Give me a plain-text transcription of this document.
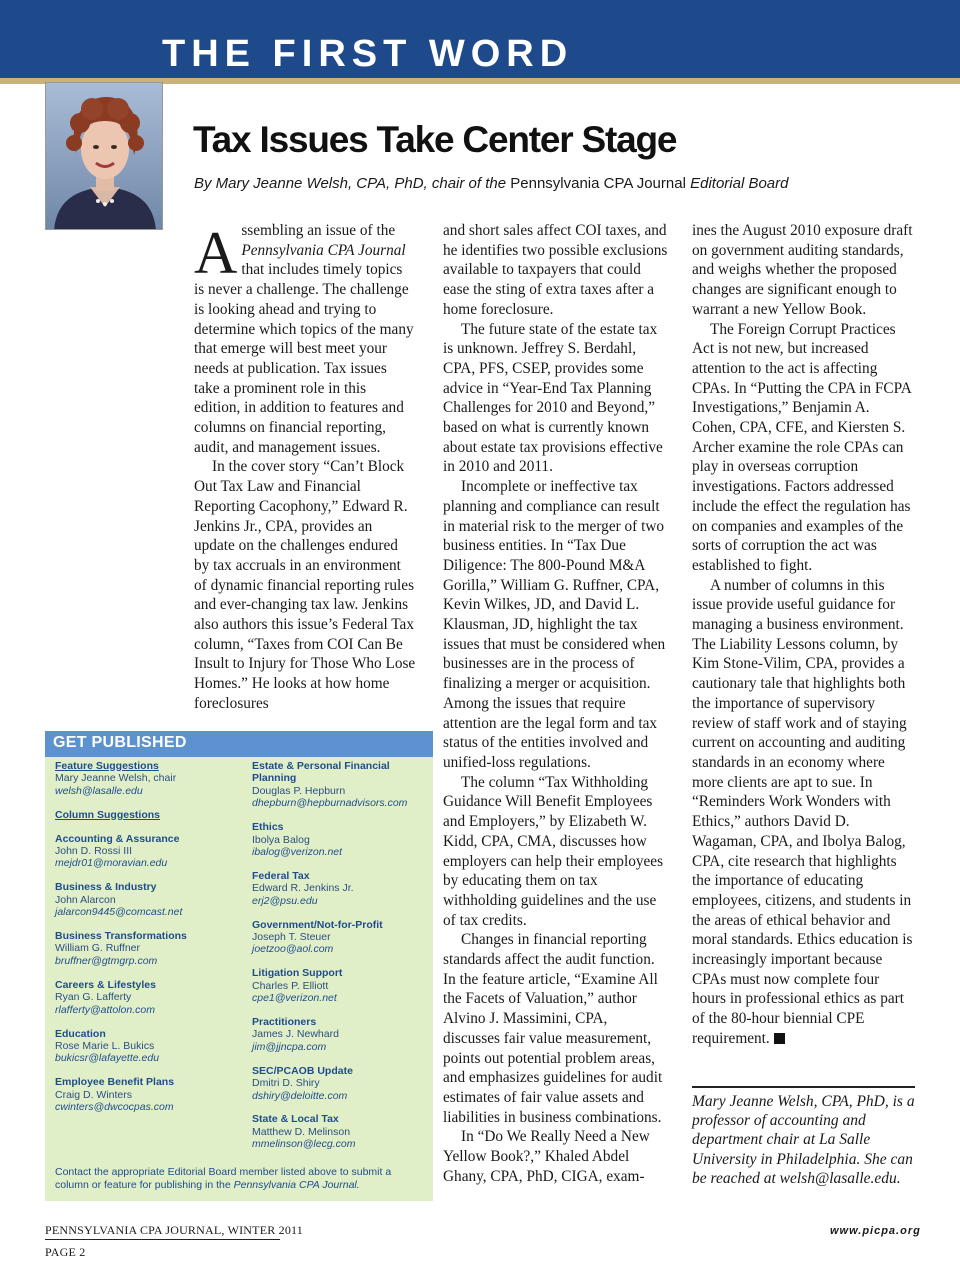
THE FIRST WORD
Tax Issues Take Center Stage
By Mary Jeanne Welsh, CPA, PhD, chair of the Pennsylvania CPA Journal Editorial Board

Assembling an issue of the Pennsylvania CPA Journal that includes timely topics is never a challenge. The challenge is looking ahead and trying to determine which topics of the many that emerge will best meet your needs at publication. Tax issues take a prominent role in this edition, in addition to features and columns on financial reporting, audit, and management issues.

In the cover story “Can’t Block Out Tax Law and Financial Reporting Cacophony,” Edward R. Jenkins Jr., CPA, provides an update on the challenges endured by tax accruals in an environment of dynamic financial reporting rules and ever-changing tax law. Jenkins also authors this issue’s Federal Tax column, “Taxes from COI Can Be Insult to Injury for Those Who Lose Homes.” He looks at how home foreclosures

and short sales affect COI taxes, and he identifies two possible exclusions available to taxpayers that could ease the sting of extra taxes after a home foreclosure.

The future state of the estate tax is unknown. Jeffrey S. Berdahl, CPA, PFS, CSEP, provides some advice in “Year-End Tax Planning Challenges for 2010 and Beyond,” based on what is currently known about estate tax provisions effective in 2010 and 2011.

Incomplete or ineffective tax planning and compliance can result in material risk to the merger of two business entities. In “Tax Due Diligence: The 800-Pound M&A Gorilla,” William G. Ruffner, CPA, Kevin Wilkes, JD, and David L. Klausman, JD, highlight the tax issues that must be considered when businesses are in the process of finalizing a merger or acquisition. Among the issues that require attention are the legal form and tax status of the entities involved and unified-loss regulations.

The column “Tax Withholding Guidance Will Benefit Employees and Employers,” by Elizabeth W. Kidd, CPA, CMA, discusses how employers can help their employees by educating them on tax withholding guidelines and the use of tax credits.

Changes in financial reporting standards affect the audit function. In the feature article, “Examine All the Facets of Valuation,” author Alvino J. Massimini, CPA, discusses fair value measurement, points out potential problem areas, and emphasizes guidelines for audit estimates of fair value assets and liabilities in business combinations.

In “Do We Really Need a New Yellow Book?,” Khaled Abdel Ghany, CPA, PhD, CIGA, exam-

ines the August 2010 exposure draft on government auditing standards, and weighs whether the proposed changes are significant enough to warrant a new Yellow Book.

The Foreign Corrupt Practices Act is not new, but increased attention to the act is affecting CPAs. In “Putting the CPA in FCPA Investigations,” Benjamin A. Cohen, CPA, CFE, and Kiersten S. Archer examine the role CPAs can play in overseas corruption investigations. Factors addressed include the effect the regulation has on companies and examples of the sorts of corruption the act was established to fight.

A number of columns in this issue provide useful guidance for managing a business environment. The Liability Lessons column, by Kim Stone-Vilim, CPA, provides a cautionary tale that highlights both the importance of supervisory review of staff work and of staying current on accounting and auditing standards in an economy where more clients are apt to sue. In “Reminders Work Wonders with Ethics,” authors David D. Wagaman, CPA, and Ibolya Balog, CPA, cite research that highlights the importance of educating employees, citizens, and students in the areas of ethical behavior and moral standards. Ethics education is increasingly important because CPAs must now complete four hours in professional ethics as part of the 80-hour biennial CPE requirement.

Mary Jeanne Welsh, CPA, PhD, is a professor of accounting and department chair at La Salle University in Philadelphia. She can be reached at welsh@lasalle.edu.
GET PUBLISHED
Feature Suggestions
Mary Jeanne Welsh, chair
welsh@lasalle.edu
Column Suggestions
Accounting & Assurance
John D. Rossi III
mejdr01@moravian.edu
Business & Industry
John Alarcon
jalarcon9445@comcast.net
Business Transformations
William G. Ruffner
bruffner@gtmgrp.com
Careers & Lifestyles
Ryan G. Lafferty
rlafferty@attolon.com
Education
Rose Marie L. Bukics
bukicsr@lafayette.edu
Employee Benefit Plans
Craig D. Winters
cwinters@dwcocpas.com
Estate & Personal Financial Planning
Douglas P. Hepburn
dhepburn@hepburnadvisors.com
Ethics
Ibolya Balog
ibalog@verizon.net
Federal Tax
Edward R. Jenkins Jr.
erj2@psu.edu
Government/Not-for-Profit
Joseph T. Steuer
joetzoo@aol.com
Litigation Support
Charles P. Elliott
cpe1@verizon.net
Practitioners
James J. Newhard
jim@jjncpa.com
SEC/PCAOB Update
Dmitri D. Shiry
dshiry@deloitte.com
State & Local Tax
Matthew D. Melinson
mmelinson@lecg.com
Contact the appropriate Editorial Board member listed above to submit a column or feature for publishing in the Pennsylvania CPA Journal.
PENNSYLVANIA CPA JOURNAL, WINTER 2011
PAGE 2
www.picpa.org
